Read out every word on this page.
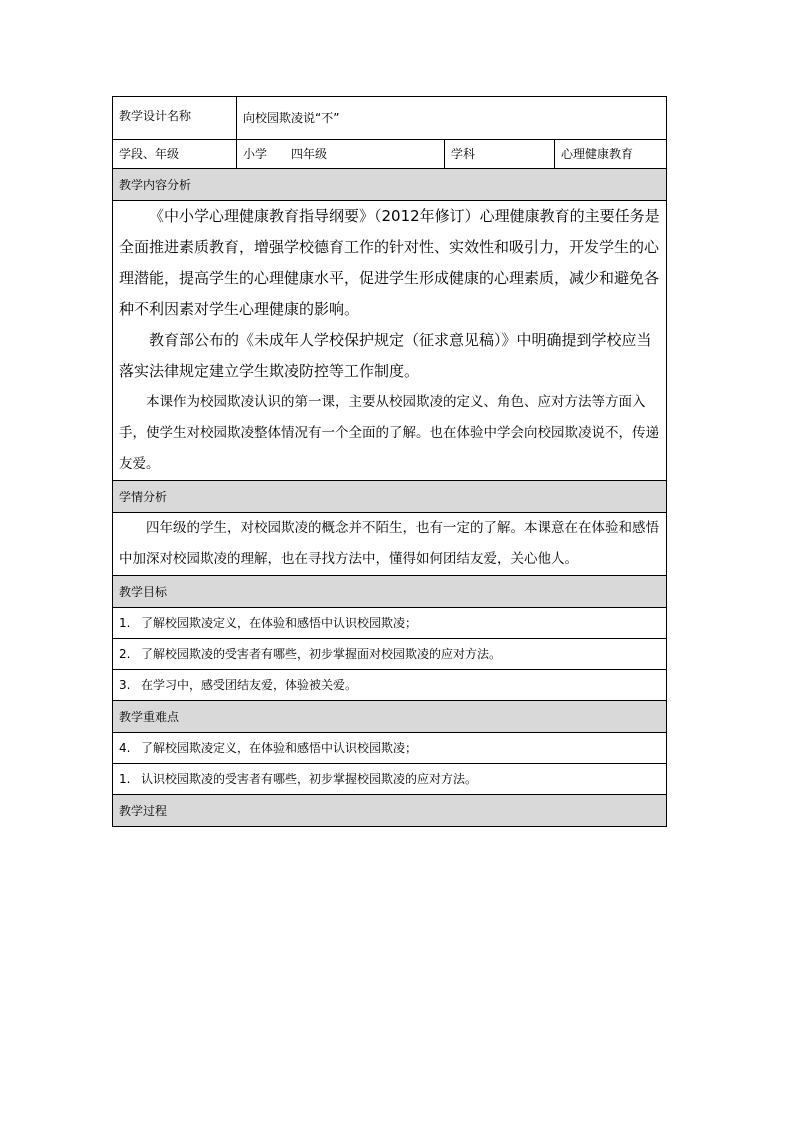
教学设计名称	向校园欺凌说“不”		
学段、年级	小学 四年级	学科	心理健康教育
教学内容分析			

《中小学心理健康教育指导纲要》（2012年修订）心理健康教育的主要任务是全面推进素质教育，增强学校德育工作的针对性、实效性和吸引力，开发学生的心理潜能，提高学生的心理健康水平，促进学生形成健康的心理素质，减少和避免各种不利因素对学生心理健康的影响。

教育部公布的《未成年人学校保护规定（征求意见稿）》中明确提到学校应当落实法律规定建立学生欺凌防控等工作制度。

本课作为校园欺凌认识的第一课，主要从校园欺凌的定义、角色、应对方法等方面入手，使学生对校园欺凌整体情况有一个全面的了解。也在体验中学会向校园欺凌说不，传递友爱。			

学情分析			

四年级的学生，对校园欺凌的概念并不陌生，也有一定的了解。本课意在在体验和感悟中加深对校园欺凌的理解，也在寻找方法中，懂得如何团结友爱，关心他人。			

教学目标			
1. 了解校园欺凌定义，在体验和感悟中认识校园欺凌；			
2. 了解校园欺凌的受害者有哪些，初步掌握面对校园欺凌的应对方法。			
3. 在学习中，感受团结友爱，体验被关爱。			
教学重难点			
4. 了解校园欺凌定义，在体验和感悟中认识校园欺凌；			
1. 认识校园欺凌的受害者有哪些，初步掌握校园欺凌的应对方法。			
教学过程			
